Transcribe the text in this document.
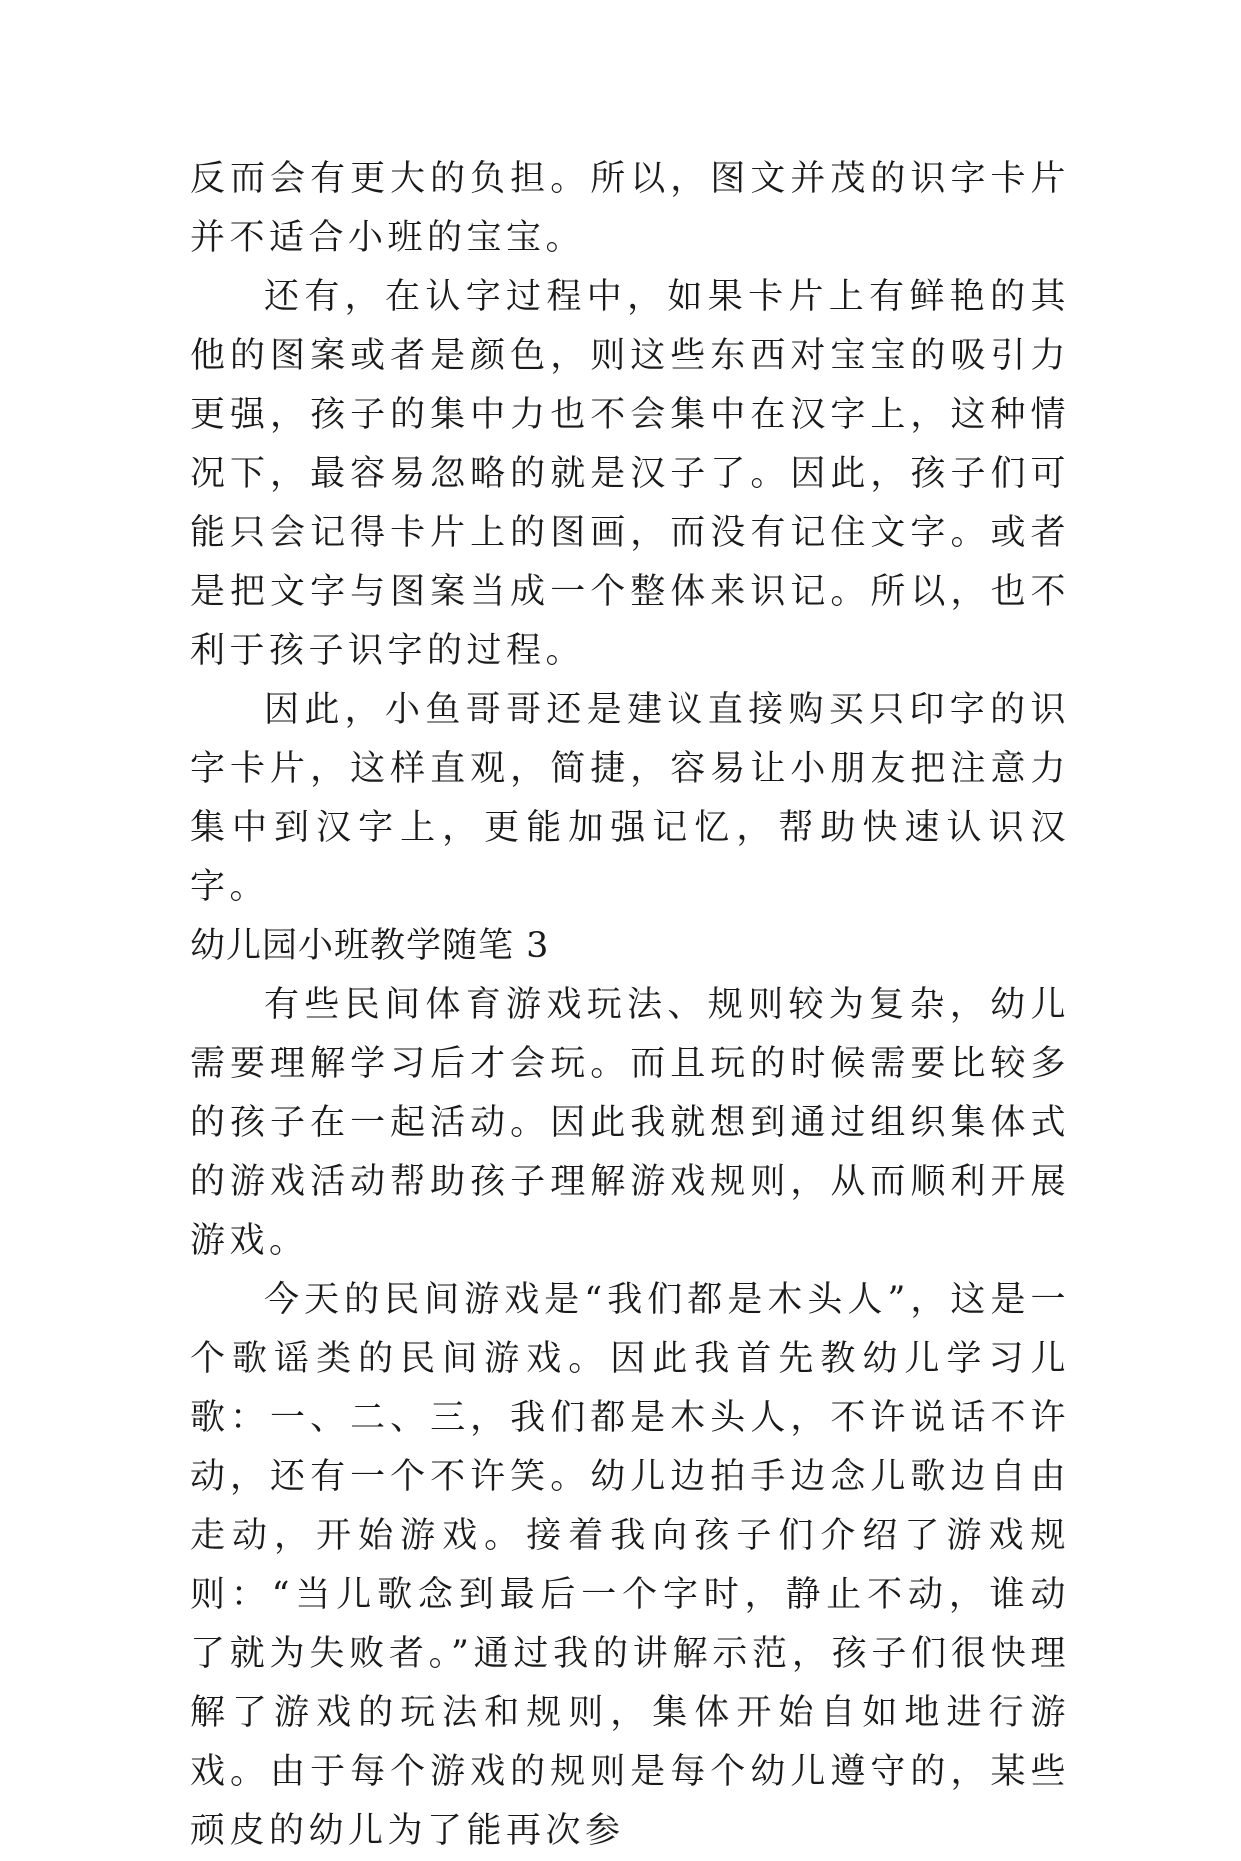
反而会有更大的负担。所以，图文并茂的识字卡片并不适合小班的宝宝。

还有，在认字过程中，如果卡片上有鲜艳的其他的图案或者是颜色，则这些东西对宝宝的吸引力更强，孩子的集中力也不会集中在汉字上，这种情况下，最容易忽略的就是汉子了。因此，孩子们可能只会记得卡片上的图画，而没有记住文字。或者是把文字与图案当成一个整体来识记。所以，也不利于孩子识字的过程。

因此，小鱼哥哥还是建议直接购买只印字的识字卡片，这样直观，简捷，容易让小朋友把注意力集中到汉字上，更能加强记忆，帮助快速认识汉字。

幼儿园小班教学随笔 3

有些民间体育游戏玩法、规则较为复杂，幼儿需要理解学习后才会玩。而且玩的时候需要比较多的孩子在一起活动。因此我就想到通过组织集体式的游戏活动帮助孩子理解游戏规则，从而顺利开展游戏。

今天的民间游戏是“我们都是木头人”，这是一个歌谣类的民间游戏。因此我首先教幼儿学习儿歌：一、二、三，我们都是木头人，不许说话不许动，还有一个不许笑。幼儿边拍手边念儿歌边自由走动，开始游戏。接着我向孩子们介绍了游戏规则：“当儿歌念到最后一个字时，静止不动，谁动了就为失败者。”通过我的讲解示范，孩子们很快理解了游戏的玩法和规则，集体开始自如地进行游戏。由于每个游戏的规则是每个幼儿遵守的，某些顽皮的幼儿为了能再次参
